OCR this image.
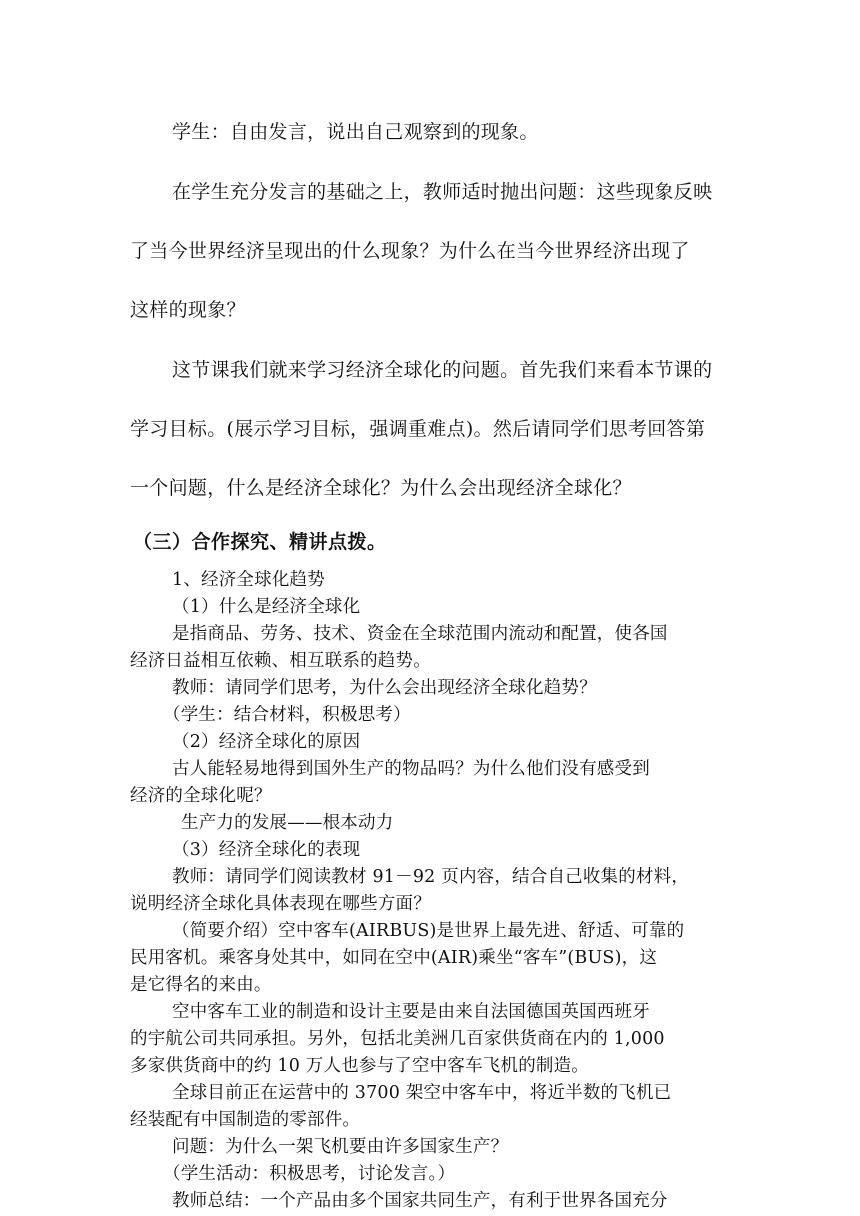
学生：自由发言，说出自己观察到的现象。

在学生充分发言的基础之上，教师适时抛出问题：这些现象反映

了当今世界经济呈现出的什么现象？为什么在当今世界经济出现了

这样的现象？

这节课我们就来学习经济全球化的问题。首先我们来看本节课的

学习目标。(展示学习目标，强调重难点)。然后请同学们思考回答第

一个问题，什么是经济全球化？为什么会出现经济全球化？

（三）合作探究、精讲点拨。

1、经济全球化趋势

（1）什么是经济全球化

是指商品、劳务、技术、资金在全球范围内流动和配置，使各国

经济日益相互依赖、相互联系的趋势。

教师：请同学们思考，为什么会出现经济全球化趋势？

（学生：结合材料，积极思考）

（2）经济全球化的原因

古人能轻易地得到国外生产的物品吗？为什么他们没有感受到

经济的全球化呢？

生产力的发展——根本动力

（3）经济全球化的表现

教师：请同学们阅读教材 91－92 页内容，结合自己收集的材料，

说明经济全球化具体表现在哪些方面？

（简要介绍）空中客车(AIRBUS)是世界上最先进、舒适、可靠的

民用客机。乘客身处其中，如同在空中(AIR)乘坐“客车”(BUS)，这

是它得名的来由。

空中客车工业的制造和设计主要是由来自法国德国英国西班牙

的宇航公司共同承担。另外，包括北美洲几百家供货商在内的 1,000

多家供货商中的约 10 万人也参与了空中客车飞机的制造。

全球目前正在运营中的 3700 架空中客车中，将近半数的飞机已

经装配有中国制造的零部件。

问题：为什么一架飞机要由许多国家生产？

（学生活动：积极思考，讨论发言。）

教师总结：一个产品由多个国家共同生产，有利于世界各国充分
